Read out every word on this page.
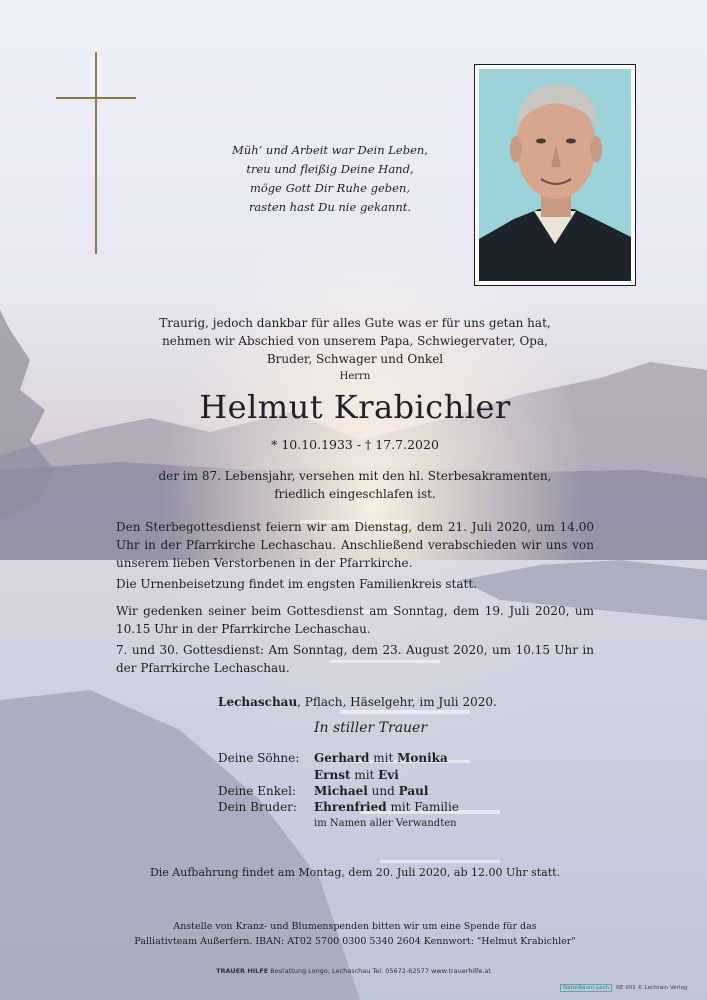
Müh’ und Arbeit war Dein Leben,
treu und fleißig Deine Hand,
möge Gott Dir Ruhe geben,
rasten hast Du nie gekannt.
Traurig, jedoch dankbar für alles Gute was er für uns getan hat,
nehmen wir Abschied von unserem Papa, Schwiegervater, Opa,
Bruder, Schwager und Onkel
Herrn
Helmut Krabichler
* 10.10.1933 - † 17.7.2020
der im 87. Lebensjahr, versehen mit den hl. Sterbesakramenten,
friedlich eingeschlafen ist.
Den Sterbegottesdienst feiern wir am Dienstag, dem 21. Juli 2020, um 14.00 Uhr in der Pfarrkirche Lechaschau. Anschließend verabschieden wir uns von unserem lieben Verstorbenen in der Pfarrkirche.
Die Urnenbeisetzung findet im engsten Familienkreis statt.
Wir gedenken seiner beim Gottesdienst am Sonntag, dem 19. Juli 2020, um 10.15 Uhr in der Pfarrkirche Lechaschau.
7. und 30. Gottesdienst: Am Sonntag, dem 23. August 2020, um 10.15 Uhr in der Pfarrkirche Lechaschau.
Lechaschau, Pflach, Häselgehr, im Juli 2020.
In stiller Trauer
Deine Söhne:	Gerhard mit Monika
Ernst mit Evi
Deine Enkel:	Michael und Paul
Dein Bruder:	Ehrenfried mit Familie
im Namen aller Verwandten
Die Aufbahrung findet am Montag, dem 20. Juli 2020, ab 12.00 Uhr statt.
Anstelle von Kranz- und Blumenspenden bitten wir um eine Spende für das
Palliativteam Außerfern. IBAN: AT02 5700 0300 5340 2604 Kennwort: "Helmut Krabichler"
TRAUER HILFE Bestattung Longo, Lechaschau Tel. 05672-62577 www.trauerhilfe.at
NaturRaum-Lech RE 001 © Lechrain Verlag
